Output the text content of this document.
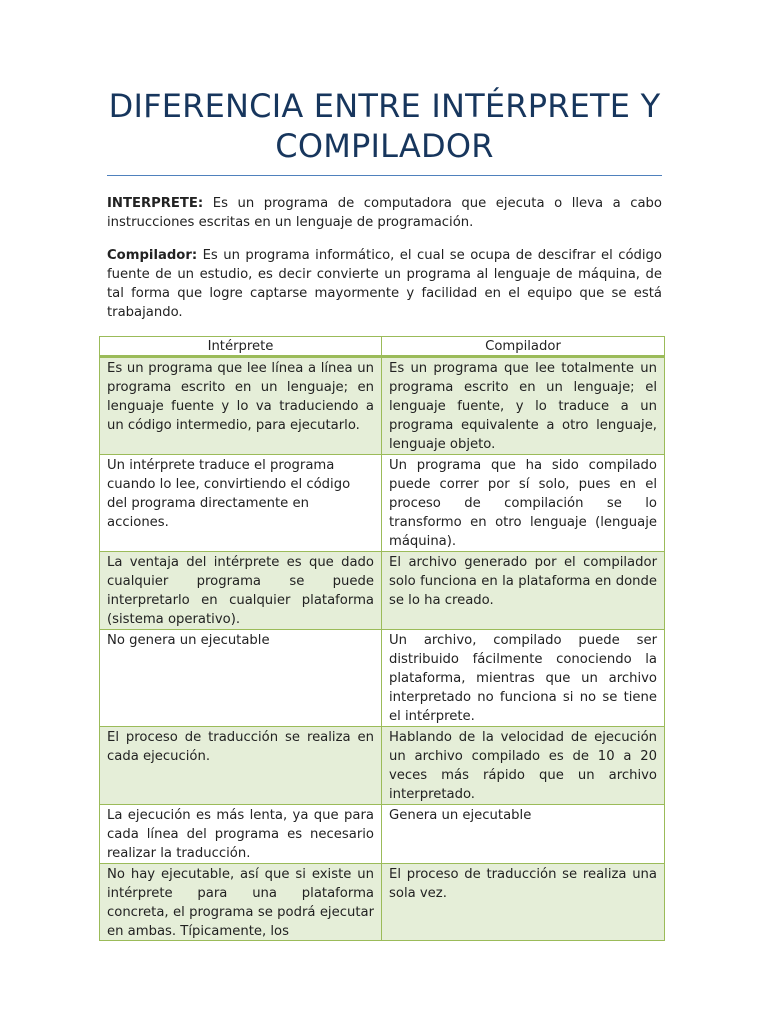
DIFERENCIA ENTRE INTÉRPRETE Y COMPILADOR

INTERPRETE: Es un programa de computadora que ejecuta o lleva a cabo instrucciones escritas en un lenguaje de programación.

Compilador: Es un programa informático, el cual se ocupa de descifrar el código fuente de un estudio, es decir convierte un programa al lenguaje de máquina, de tal forma que logre captarse mayormente y facilidad en el equipo que se está trabajando.

Intérprete	Compilador
Es un programa que lee línea a línea un programa escrito en un lenguaje; en lenguaje fuente y lo va traduciendo a un código intermedio, para ejecutarlo.	Es un programa que lee totalmente un programa escrito en un lenguaje; el lenguaje fuente, y lo traduce a un programa equivalente a otro lenguaje, lenguaje objeto.
Un intérprete traduce el programa cuando lo lee, convirtiendo el código del programa directamente en acciones.	Un programa que ha sido compilado puede correr por sí solo, pues en el proceso de compilación se lo transformo en otro lenguaje (lenguaje máquina).
La ventaja del intérprete es que dado cualquier programa se puede interpretarlo en cualquier plataforma (sistema operativo).	El archivo generado por el compilador solo funciona en la plataforma en donde se lo ha creado.
No genera un ejecutable	Un archivo, compilado puede ser distribuido fácilmente conociendo la plataforma, mientras que un archivo interpretado no funciona si no se tiene el intérprete.
El proceso de traducción se realiza en cada ejecución.	Hablando de la velocidad de ejecución un archivo compilado es de 10 a 20 veces más rápido que un archivo interpretado.
La ejecución es más lenta, ya que para cada línea del programa es necesario realizar la traducción.	Genera un ejecutable

No hay ejecutable, así que si existe un intérprete para una plataforma concreta, el programa se podrá ejecutar en ambas. Típicamente, los	El proceso de traducción se realiza una sola vez.
